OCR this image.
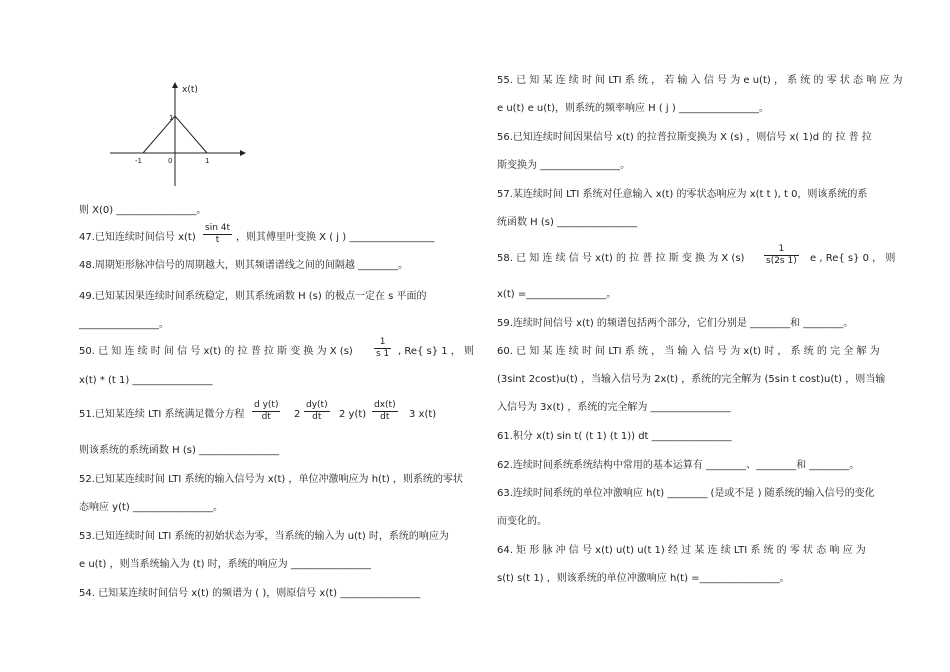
x(t)
1
-1	0	1
则 X(0) ________________。
47.已知连续时间信号 x(t)
sin 4t
t	，则其傅里叶变换 X ( j ) _________________
48.周期矩形脉冲信号的周期越大，则其频谱谱线之间的间隔越 ________。
49.已知某因果连续时间系统稳定，则其系统函数 H (s) 的极点一定在 s 平面的
________________。
50. 已 知 连 续 时 间 信 号 x(t) 的 拉 普 拉 斯 变 换 为 X (s)
1
s 1 , Re{ s} 1 ， 则
x(t) * (t 1) ________________
51.已知某连续 LTI 系统满足微分方程
d y(t)
dt	2
dy(t)
dt	2 y(t)
dx(t)
dt	3 x(t)
则该系统的系统函数 H (s) ________________
52.已知某连续时间 LTI 系统的输入信号为 x(t) ，单位冲激响应为 h(t) ，则系统的零状
态响应 y(t) ________________。
53.已知连续时间 LTI 系统的初始状态为零，当系统的输入为 u(t) 时，系统的响应为
e u(t) ，则当系统输入为 (t) 时，系统的响应为 ________________
54. 已知某连续时间信号 x(t) 的频谱为 ( )，则原信号 x(t) ________________
55. 已 知 某 连 续 时 间 LTI 系 统 ， 若 输 入 信 号 为 e u(t) ， 系 统 的 零 状 态 响 应 为
e u(t) e u(t)，则系统的频率响应 H ( j ) ________________。
56.已知连续时间因果信号 x(t) 的拉普拉斯变换为 X (s) ，则信号 x( 1)d 的 拉 普 拉
斯变换为 ________________。
57.某连续时间 LTI 系统对任意输入 x(t) 的零状态响应为 x(t t ), t 0，则该系统的系
统函数 H (s) ________________
58. 已 知 连 续 信 号 x(t) 的 拉 普 拉 斯 变 换 为 X (s)
1
s(2s 1) e , Re{ s} 0 ， 则
x(t) =________________。
59.连续时间信号 x(t) 的频谱包括两个部分，它们分别是 ________和 ________。
60. 已 知 某 连 续 时 间 LTI 系 统 ， 当 输 入 信 号 为 x(t) 时 ， 系 统 的 完 全 解 为
(3sint 2cost)u(t) ，当输入信号为 2x(t) ，系统的完全解为 (5sin t cost)u(t) ，则当输
入信号为 3x(t) ，系统的完全解为 ________________
61.积分 x(t) sin t( (t 1) (t 1)) dt ________________
62.连续时间系统系统结构中常用的基本运算有 ________、________和 ________。
63.连续时间系统的单位冲激响应 h(t) ________ (是或不是 ) 随系统的输入信号的变化
而变化的。
64. 矩 形 脉 冲 信 号 x(t) u(t) u(t 1) 经 过 某 连 续 LTI 系 统 的 零 状 态 响 应 为
s(t) s(t 1) ，则该系统的单位冲激响应 h(t) =________________。
